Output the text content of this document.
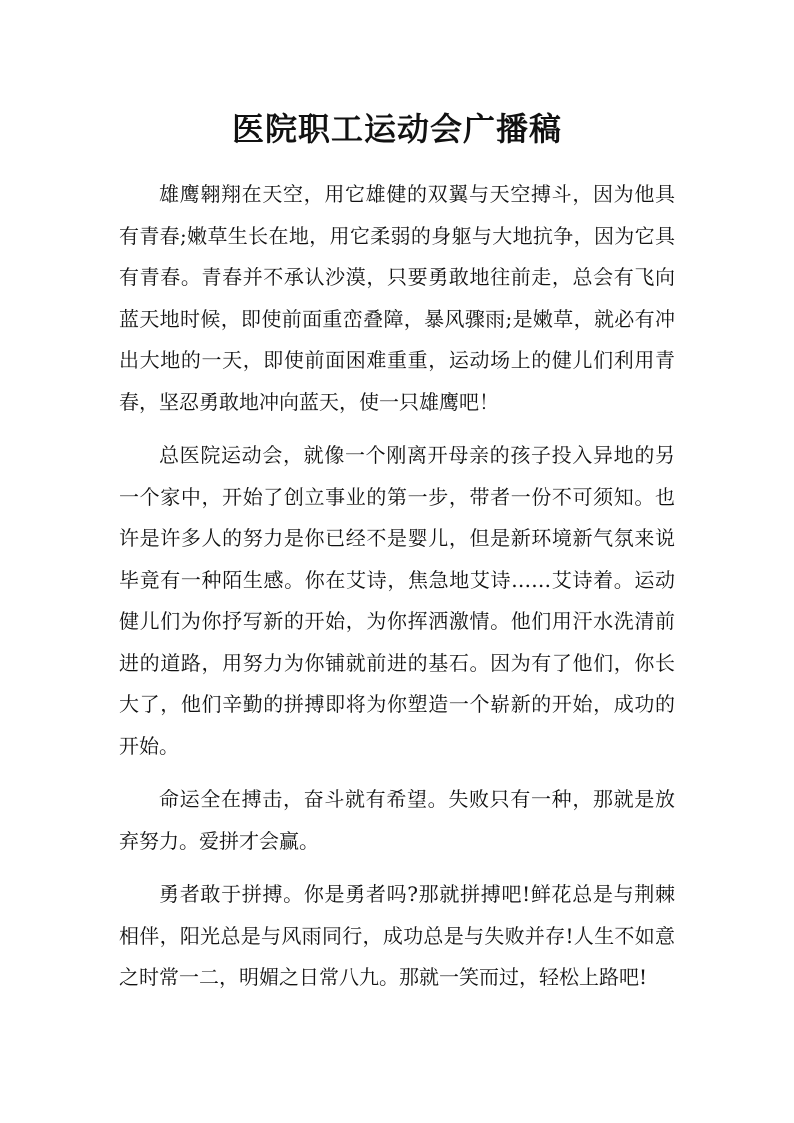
医院职工运动会广播稿

雄鹰翱翔在天空，用它雄健的双翼与天空搏斗，因为他具有青春;嫩草生长在地，用它柔弱的身躯与大地抗争，因为它具有青春。青春并不承认沙漠，只要勇敢地往前走，总会有飞向蓝天地时候，即使前面重峦叠障，暴风骤雨;是嫩草，就必有冲出大地的一天，即使前面困难重重，运动场上的健儿们利用青春，坚忍勇敢地冲向蓝天，使一只雄鹰吧！

总医院运动会，就像一个刚离开母亲的孩子投入异地的另一个家中，开始了创立事业的第一步，带者一份不可须知。也许是许多人的努力是你已经不是婴儿，但是新环境新气氛来说毕竟有一种陌生感。你在艾诗，焦急地艾诗……艾诗着。运动健儿们为你抒写新的开始，为你挥洒激情。他们用汗水洗清前进的道路，用努力为你铺就前进的基石。因为有了他们，你长大了，他们辛勤的拼搏即将为你塑造一个崭新的开始，成功的开始。

命运全在搏击，奋斗就有希望。失败只有一种，那就是放弃努力。爱拼才会赢。

勇者敢于拼搏。你是勇者吗?那就拼搏吧!鲜花总是与荆棘相伴，阳光总是与风雨同行，成功总是与失败并存!人生不如意之时常一二，明媚之日常八九。那就一笑而过，轻松上路吧!
